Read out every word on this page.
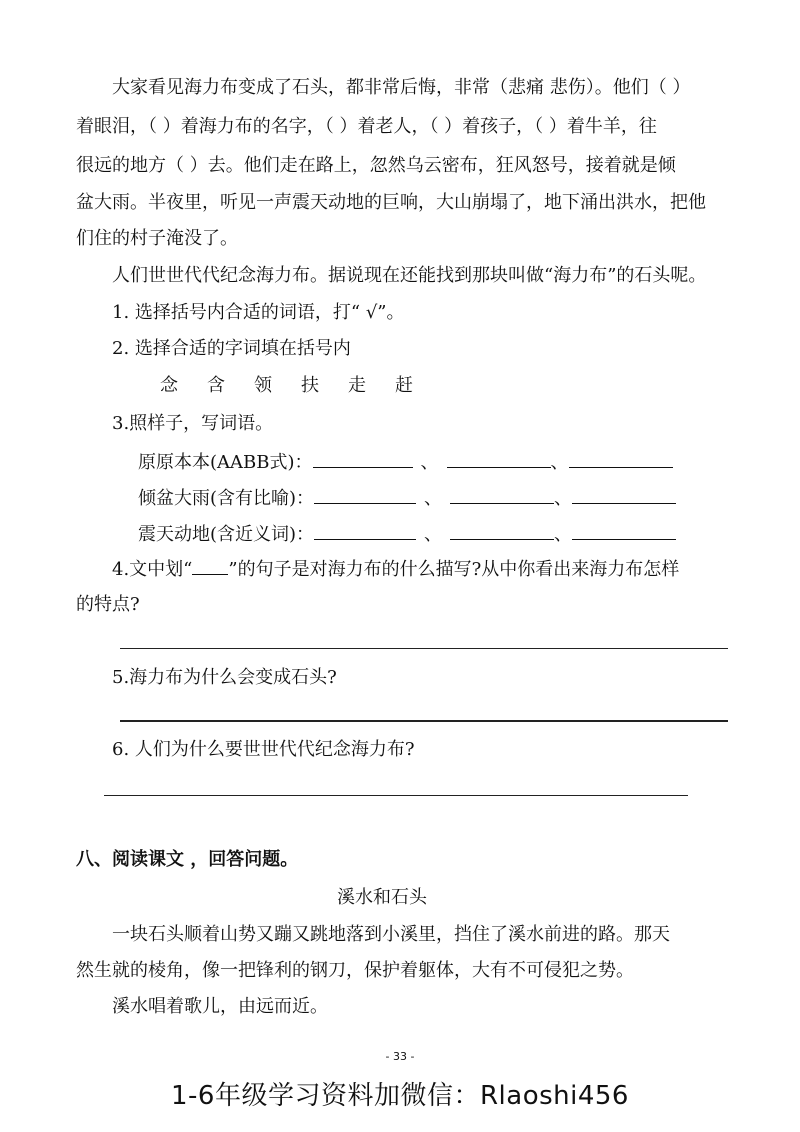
大家看见海力布变成了石头，都非常后悔，非常（悲痛 悲伤）。他们（ ）
着眼泪，（ ）着海力布的名字，（ ）着老人，（ ）着孩子，（ ）着牛羊，往
很远的地方（ ）去。他们走在路上，忽然乌云密布，狂风怒号，接着就是倾
盆大雨。半夜里，听见一声震天动地的巨响，大山崩塌了，地下涌出洪水，把他
们住的村子淹没了。
人们世世代代纪念海力布。据说现在还能找到那块叫做“海力布”的石头呢。
1. 选择括号内合适的词语，打“ √”。
2. 选择合适的字词填在括号内
念 含 领 扶 走 赶
3.照样子，写词语。
原原本本(AABB式)：	、	、
倾盆大雨(含有比喻)：	、	、
震天动地(含近义词)：	、	、
4.文中划“ ”的句子是对海力布的什么描写?从中你看出来海力布怎样
的特点?
5.海力布为什么会变成石头?
6. 人们为什么要世世代代纪念海力布?
八、阅读课文 ，回答问题。
溪水和石头
一块石头顺着山势又蹦又跳地落到小溪里，挡住了溪水前进的路。那天
然生就的棱角，像一把锋利的钢刀，保护着躯体，大有不可侵犯之势。
溪水唱着歌儿，由远而近。
- 33 -
1-6年级学习资料加微信：Rlaoshi456
